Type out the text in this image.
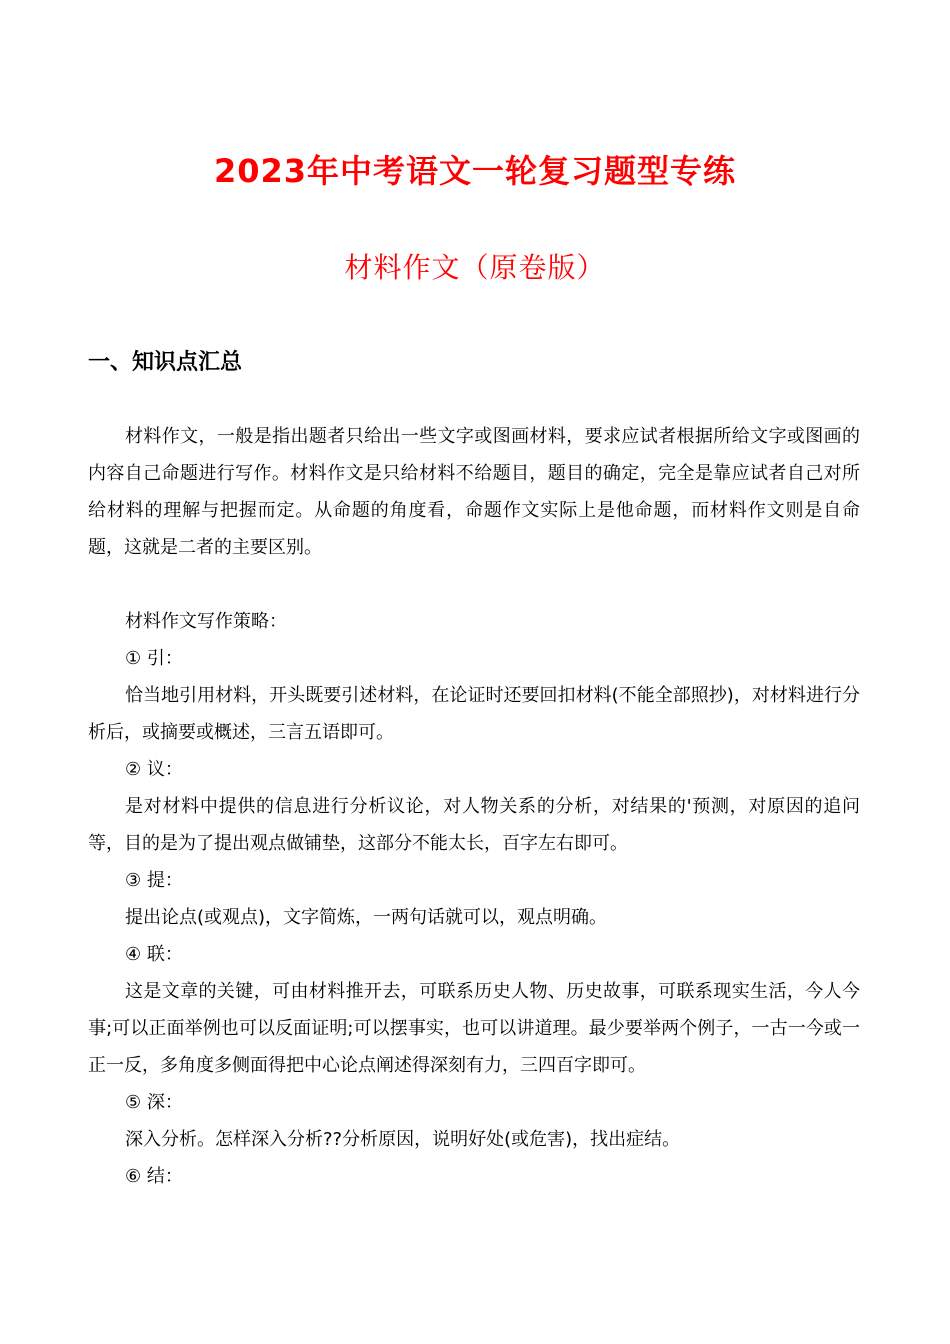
2023年中考语文一轮复习题型专练
材料作文（原卷版）
一、知识点汇总

材料作文，一般是指出题者只给出一些文字或图画材料，要求应试者根据所给文字或图画的内容自己命题进行写作。材料作文是只给材料不给题目，题目的确定，完全是靠应试者自己对所给材料的理解与把握而定。从命题的角度看，命题作文实际上是他命题，而材料作文则是自命题，这就是二者的主要区别。

材料作文写作策略：

① 引：

恰当地引用材料，开头既要引述材料，在论证时还要回扣材料(不能全部照抄)，对材料进行分析后，或摘要或概述，三言五语即可。

② 议：

是对材料中提供的信息进行分析议论，对人物关系的分析，对结果的'预测，对原因的追问等，目的是为了提出观点做铺垫，这部分不能太长，百字左右即可。

③ 提：

提出论点(或观点)，文字简炼，一两句话就可以，观点明确。

④ 联：

这是文章的关键，可由材料推开去，可联系历史人物、历史故事，可联系现实生活，今人今事;可以正面举例也可以反面证明;可以摆事实，也可以讲道理。最少要举两个例子，一古一今或一正一反，多角度多侧面得把中心论点阐述得深刻有力，三四百字即可。

⑤ 深：

深入分析。怎样深入分析??分析原因，说明好处(或危害)，找出症结。

⑥ 结：
